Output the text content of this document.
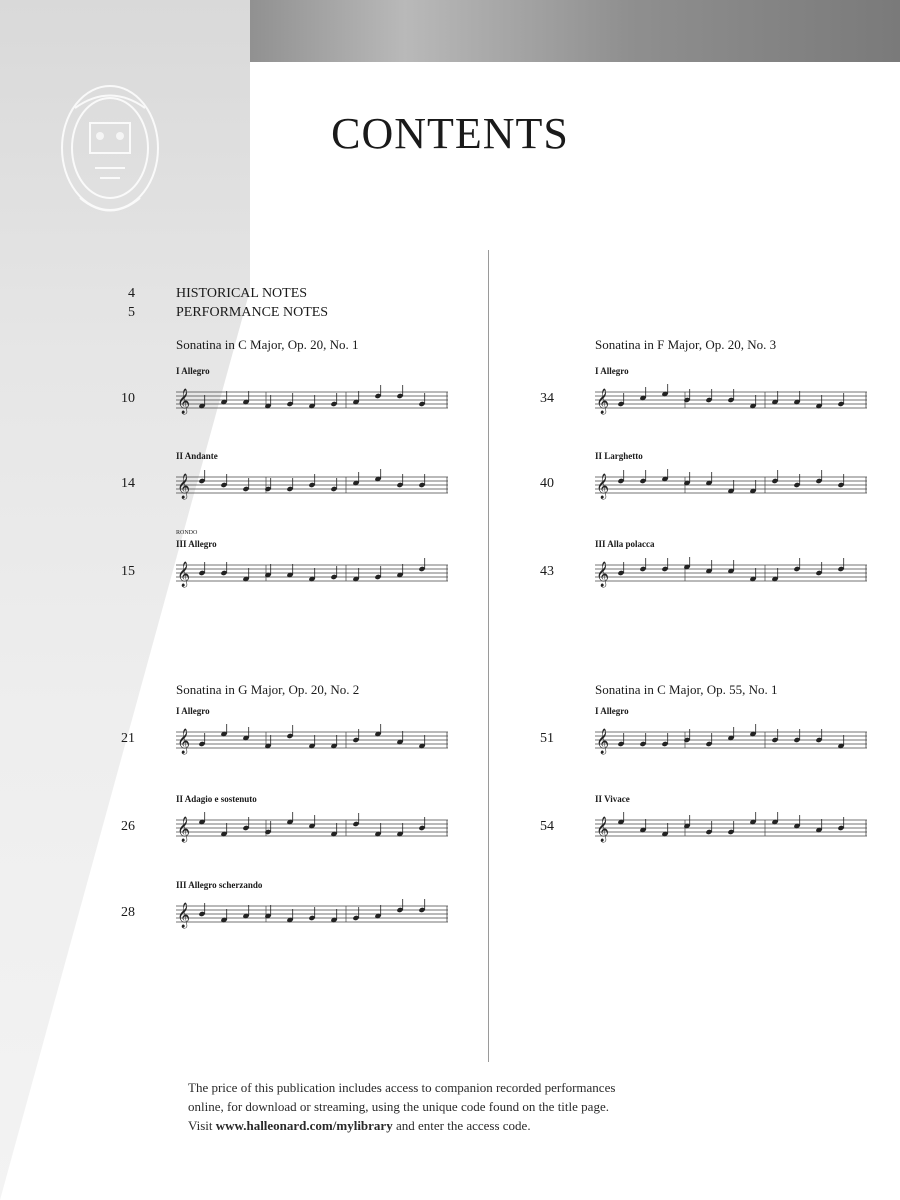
CONTENTS
4	HISTORICAL NOTES
5	PERFORMANCE NOTES
Sonatina in C Major, Op. 20, No. 1
I Allegro
10	𝄞
II Andante
14	𝄞
RONDO
III Allegro
15	𝄞
Sonatina in F Major, Op. 20, No. 3
I Allegro
34	𝄞
II Larghetto
40	𝄞
III Alla polacca
43	𝄞
Sonatina in G Major, Op. 20, No. 2
I Allegro
21	𝄞
II Adagio e sostenuto
26	𝄞
III Allegro scherzando
28	𝄞
Sonatina in C Major, Op. 55, No. 1
I Allegro
51	𝄞
II Vivace
54	𝄞
The price of this publication includes access to companion recorded performances
online, for download or streaming, using the unique code found on the title page.
Visit www.halleonard.com/mylibrary and enter the access code.
